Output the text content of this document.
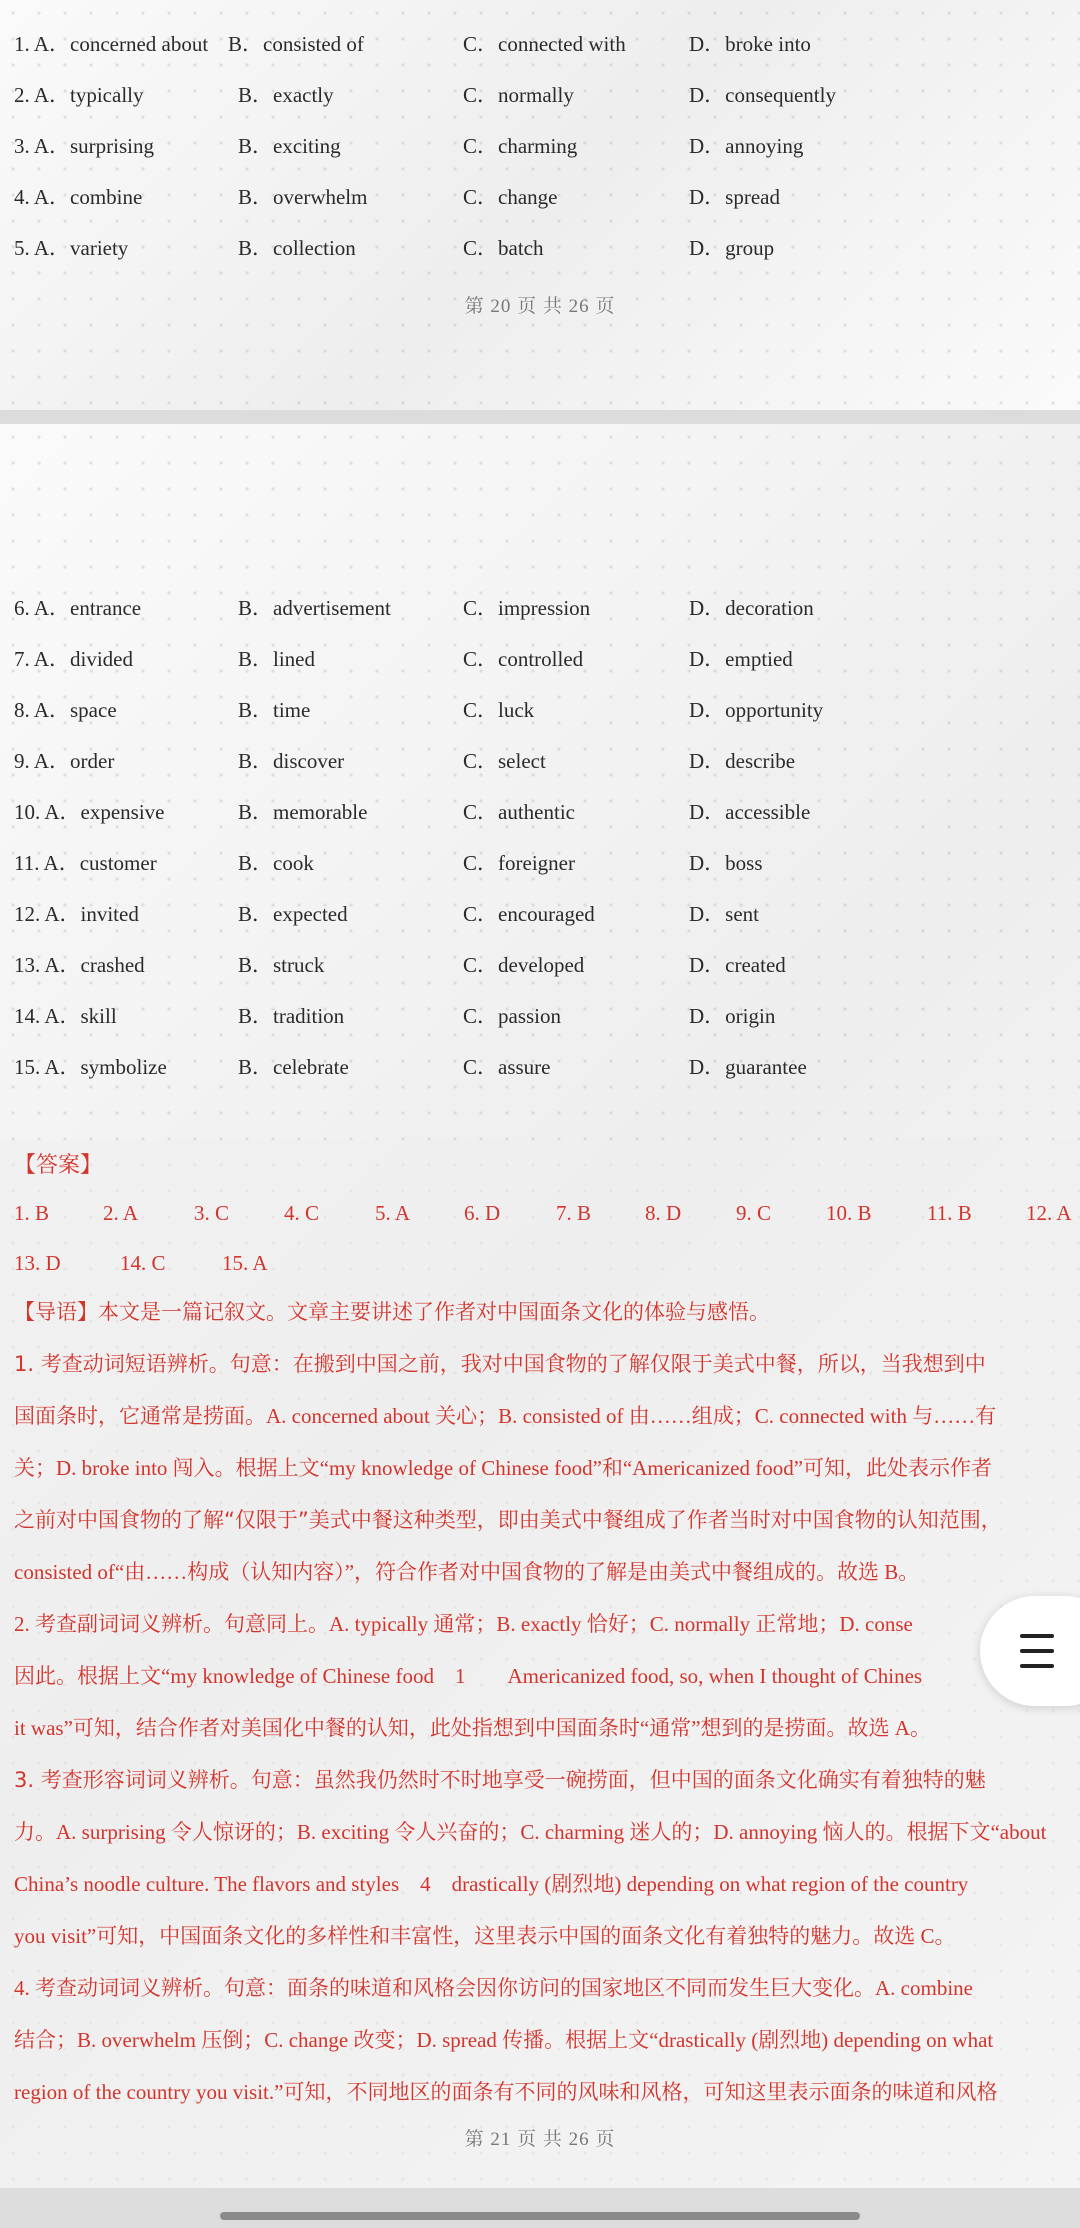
1. A．concerned about B．consisted of	C．connected with	D．broke into
2. A．typically	B．exactly	C．normally	D．consequently
3. A．surprising	B．exciting	C．charming	D．annoying
4. A．combine	B．overwhelm	C．change	D．spread
5. A．variety	B．collection	C．batch	D．group
第 20 页 共 26 页
6. A．entrance	B．advertisement	C．impression	D．decoration
7. A．divided	B．lined	C．controlled	D．emptied
8. A．space	B．time	C．luck	D．opportunity
9. A．order	B．discover	C．select	D．describe
10. A．expensive	B．memorable	C．authentic	D．accessible
11. A．customer	B．cook	C．foreigner	D．boss
12. A．invited	B．expected	C．encouraged	D．sent
13. A．crashed	B．struck	C．developed	D．created
14. A．skill	B．tradition	C．passion	D．origin
15. A．symbolize	B．celebrate	C．assure	D．guarantee
【答案】
1. B	2. A	3. C	4. C	5. A	6. D	7. B	8. D	9. C	10. B	11. B	12. A
13. D	14. C	15. A
【导语】本文是一篇记叙文。文章主要讲述了作者对中国面条文化的体验与感悟。
1. 考查动词短语辨析。句意：在搬到中国之前，我对中国食物的了解仅限于美式中餐，所以，当我想到中
国面条时，它通常是捞面。A. concerned about 关心；B. consisted of 由……组成；C. connected with 与……有
关；D. broke into 闯入。根据上文“my knowledge of Chinese food”和“Americanized food”可知，此处表示作者
之前对中国食物的了解“仅限于”美式中餐这种类型，即由美式中餐组成了作者当时对中国食物的认知范围，
consisted of“由……构成（认知内容）”，符合作者对中国食物的了解是由美式中餐组成的。故选 B。
2. 考查副词词义辨析。句意同上。A. typically 通常；B. exactly 恰好；C. normally 正常地；D. conse
因此。根据上文“my knowledge of Chinese food　1　　Americanized food, so, when I thought of Chines
it was”可知，结合作者对美国化中餐的认知，此处指想到中国面条时“通常”想到的是捞面。故选 A。
3. 考查形容词词义辨析。句意：虽然我仍然时不时地享受一碗捞面，但中国的面条文化确实有着独特的魅
力。A. surprising 令人惊讶的；B. exciting 令人兴奋的；C. charming 迷人的；D. annoying 恼人的。根据下文“about
China’s noodle culture. The flavors and styles　4　drastically (剧烈地) depending on what region of the country
you visit”可知，中国面条文化的多样性和丰富性，这里表示中国的面条文化有着独特的魅力。故选 C。
4. 考查动词词义辨析。句意：面条的味道和风格会因你访问的国家地区不同而发生巨大变化。A. combine
结合；B. overwhelm 压倒；C. change 改变；D. spread 传播。根据上文“drastically (剧烈地) depending on what
region of the country you visit.”可知，不同地区的面条有不同的风味和风格，可知这里表示面条的味道和风格
第 21 页 共 26 页
